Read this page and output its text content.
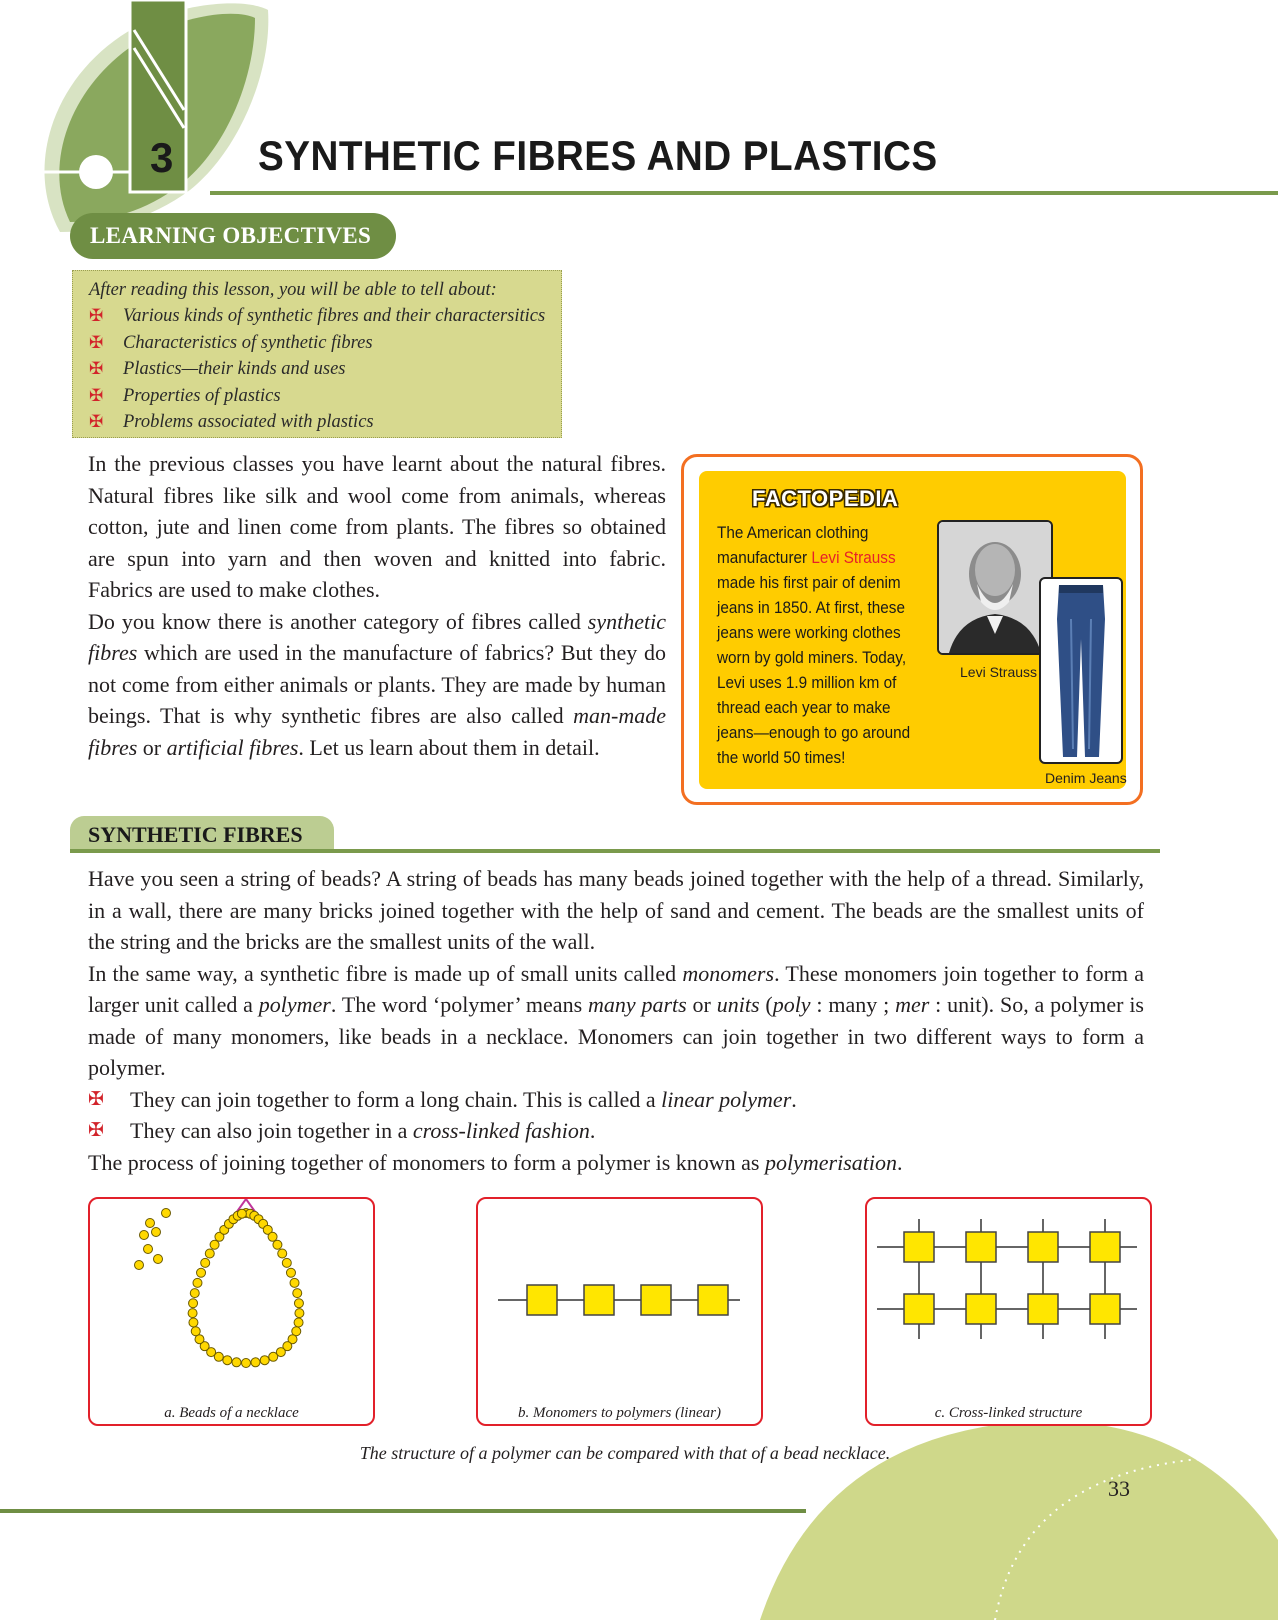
3 SYNTHETIC FIBRES AND PLASTICS
LEARNING OBJECTIVES
After reading this lesson, you will be able to tell about:
✠ Various kinds of synthetic fibres and their charactersitics
✠ Characteristics of synthetic fibres
✠ Plastics—their kinds and uses
✠ Properties of plastics
✠ Problems associated with plastics

In the previous classes you have learnt about the natural fibres. Natural fibres like silk and wool come from animals, whereas cotton, jute and linen come from plants. The fibres so obtained are spun into yarn and then woven and knitted into fabric. Fabrics are used to make clothes.

Do you know there is another category of fibres called synthetic fibres which are used in the manufacture of fabrics? But they do not come from either animals or plants. They are made by human beings. That is why synthetic fibres are also called man-made fibres or artificial fibres. Let us learn about them in detail.

FACTOPEDIA
The American clothing manufacturer Levi Strauss made his first pair of denim jeans in 1850. At first, these jeans were working clothes worn by gold miners. Today, Levi uses 1.9 million km of thread each year to make jeans—enough to go around the world 50 times!
Levi Strauss
Denim Jeans
SYNTHETIC FIBRES

Have you seen a string of beads? A string of beads has many beads joined together with the help of a thread. Similarly, in a wall, there are many bricks joined together with the help of sand and cement. The beads are the smallest units of the string and the bricks are the smallest units of the wall.

In the same way, a synthetic fibre is made up of small units called monomers. These monomers join together to form a larger unit called a polymer. The word ‘polymer’ means many parts or units (poly : many ; mer : unit). So, a polymer is made of many monomers, like beads in a necklace. Monomers can join together in two different ways to form a polymer.

✠ They can join together to form a long chain. This is called a linear polymer.

✠ They can also join together in a cross-linked fashion.

The process of joining together of monomers to form a polymer is known as polymerisation.

a. Beads of a necklace	b. Monomers to polymers (linear)	c. Cross-linked structure
The structure of a polymer can be compared with that of a bead necklace.
33
